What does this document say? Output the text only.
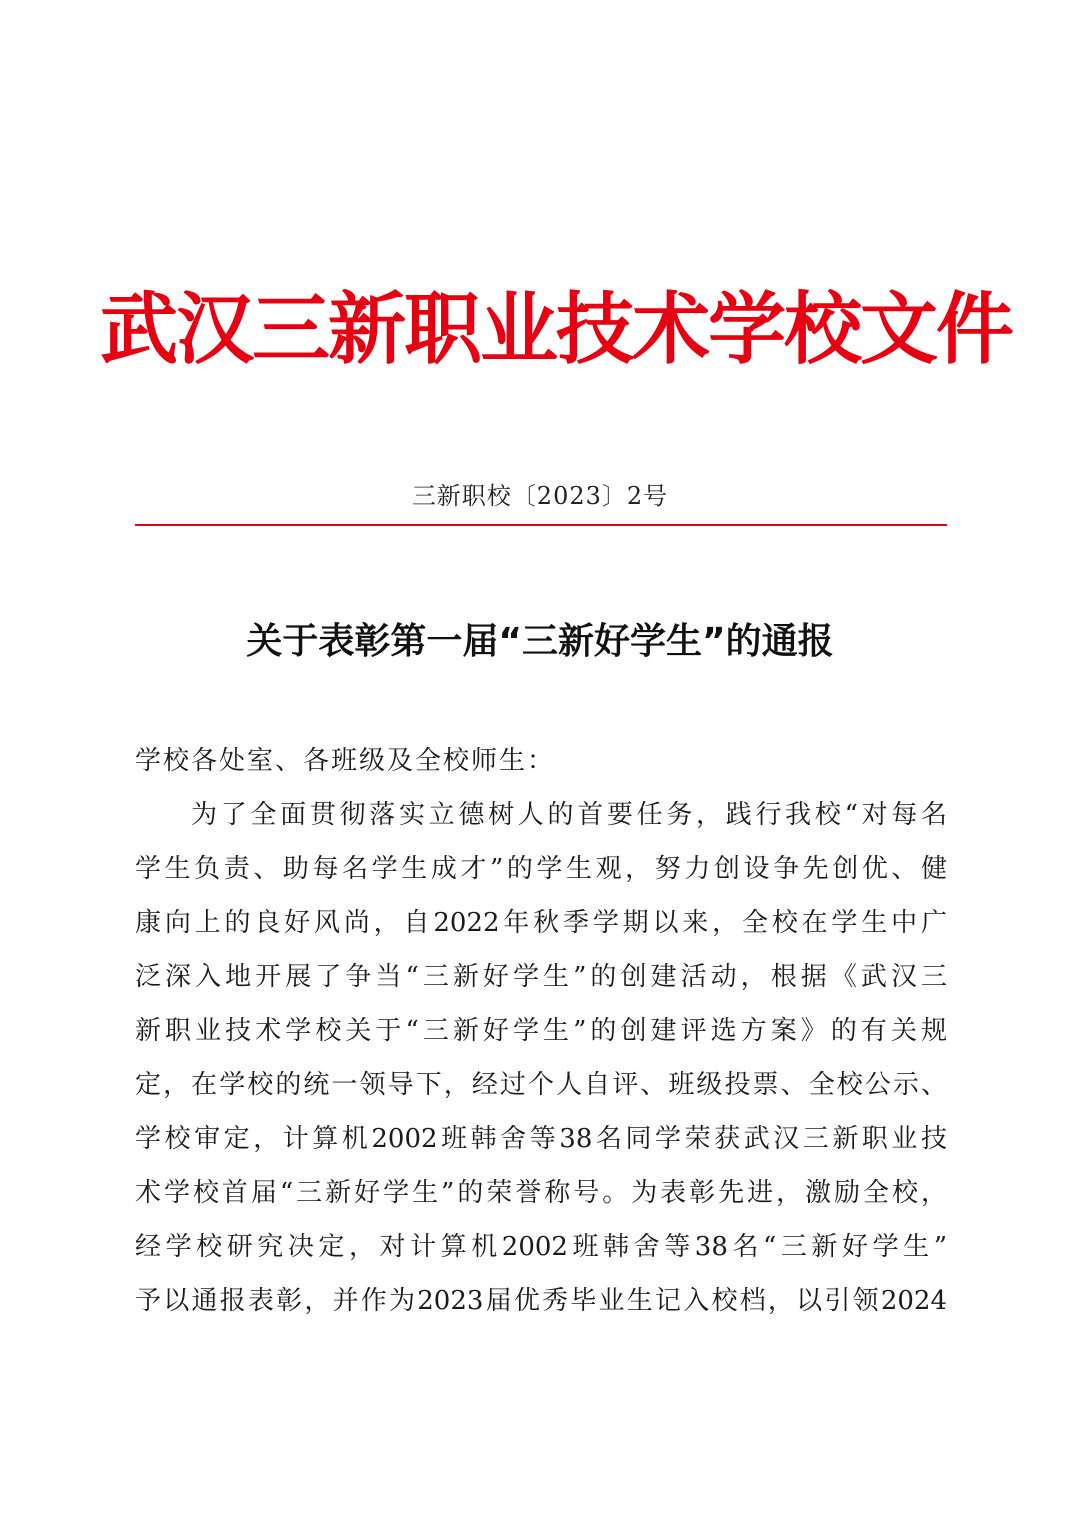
武汉三新职业技术学校文件
三新职校〔2023〕2号
关于表彰第一届“三新好学生”的通报
学校各处室、各班级及全校师生：
为了全面贯彻落实立德树人的首要任务，践行我校“对每名
学生负责、助每名学生成才”的学生观，努力创设争先创优、健
康向上的良好风尚，自2022年秋季学期以来，全校在学生中广
泛深入地开展了争当“三新好学生”的创建活动，根据《武汉三
新职业技术学校关于“三新好学生”的创建评选方案》的有关规
定，在学校的统一领导下，经过个人自评、班级投票、全校公示、
学校审定，计算机2002班韩舍等38名同学荣获武汉三新职业技
术学校首届“三新好学生”的荣誉称号。为表彰先进，激励全校，
经学校研究决定，对计算机2002班韩舍等38名“三新好学生”
予以通报表彰，并作为2023届优秀毕业生记入校档，以引领2024
